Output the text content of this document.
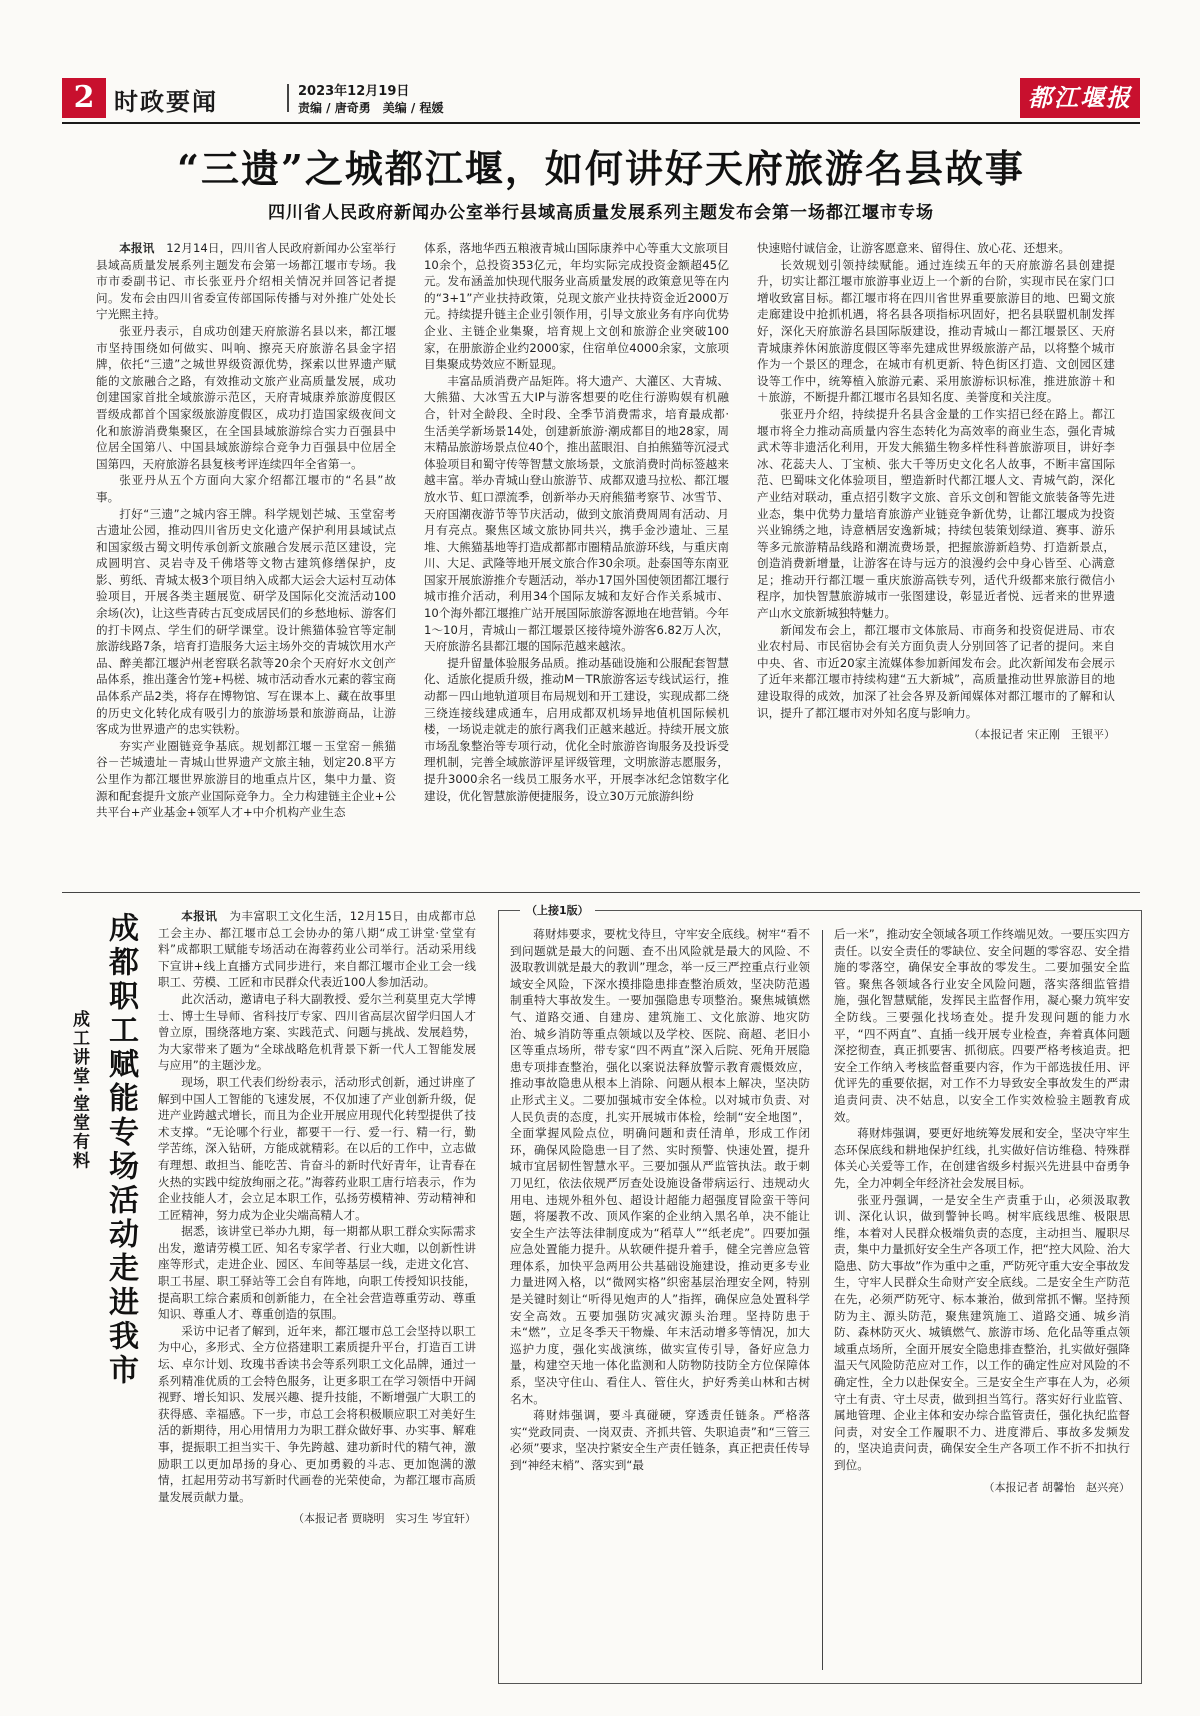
2 时政要闻	2023年12月19日
责编 / 唐奇勇　美编 / 程媛	都江堰报
“三遗”之城都江堰，如何讲好天府旅游名县故事
四川省人民政府新闻办公室举行县域高质量发展系列主题发布会第一场都江堰市专场

本报讯　 12月14日，四川省人民政府新闻办公室举行县域高质量发展系列主题发布会第一场都江堰市专场。我市市委副书记、市长张亚丹介绍相关情况并回答记者提问。发布会由四川省委宣传部国际传播与对外推广处处长宁光熙主持。

张亚丹表示，自成功创建天府旅游名县以来，都江堰市坚持围绕如何做实、叫响、擦亮天府旅游名县金字招牌，依托“三遗”之城世界级资源优势，探索以世界遗产赋能的文旅融合之路，有效推动文旅产业高质量发展，成功创建国家首批全域旅游示范区，天府青城康养旅游度假区晋级成都首个国家级旅游度假区，成功打造国家级夜间文化和旅游消费集聚区，在全国县域旅游综合实力百强县中位居全国第八、中国县域旅游综合竞争力百强县中位居全国第四，天府旅游名县复核考评连续四年全省第一。

张亚丹从五个方面向大家介绍都江堰市的“名县”故事。

打好“三遗”之城内容王牌。科学规划芒城、玉堂窑考古遗址公园，推动四川省历史文化遗产保护利用县域试点和国家级古蜀文明传承创新文旅融合发展示范区建设，完成圆明宫、灵岩寺及千佛塔等文物古建筑修缮保护，皮影、剪纸、青城太极3个项目纳入成都大运会大运村互动体验项目，开展各类主题展览、研学及国际化交流活动100余场(次)，让这些青砖古瓦变成居民们的乡愁地标、游客们的打卡网点、学生们的研学课堂。设计熊猫体验官等定制旅游线路7条，培育打造服务大运主场外交的青城饮用水产品、醉美都江堰泸州老窖联名款等20余个天府好水文创产品体系，推出蓬舍竹笼+杩槎、城市活动香水元素的蓉宝商品体系产品2类，将存在博物馆、写在课本上、藏在故事里的历史文化转化成有吸引力的旅游场景和旅游商品，让游客成为世界遗产的忠实铁粉。

夯实产业圈链竞争基底。规划都江堰－玉堂窑－熊猫谷－芒城遗址－青城山世界遗产文旅主轴，划定20.8平方公里作为都江堰世界旅游目的地重点片区，集中力量、资源和配套提升文旅产业国际竞争力。全力构建链主企业+公共平台+产业基金+领军人才+中介机构产业生态

体系，落地华西五粮液青城山国际康养中心等重大文旅项目10余个，总投资353亿元，年均实际完成投资金额超45亿元。发布涵盖加快现代服务业高质量发展的政策意见等在内的“3+1”产业扶持政策，兑现文旅产业扶持资金近2000万元。持续提升链主企业引领作用，引导文旅业务有序向优势企业、主链企业集聚，培育规上文创和旅游企业突破100家，在册旅游企业约2000家，住宿单位4000余家，文旅项目集聚成势效应不断显现。

丰富品质消费产品矩阵。将大遗产、大灌区、大青城、大熊猫、大冰雪五大IP与游客想要的吃住行游购娱有机融合，针对全龄段、全时段、全季节消费需求，培育最成都·生活美学新场景14处，创建新旅游·潮成都目的地28家，周末精品旅游场景点位40个，推出蓝眼泪、自拍熊猫等沉浸式体验项目和蜀守传等智慧文旅场景，文旅消费时尚标签越来越丰富。举办青城山登山旅游节、成都双遗马拉松、都江堰放水节、虹口漂流季，创新举办天府熊猫考察节、冰雪节、天府国潮夜游节等节庆活动，做到文旅消费周周有活动、月月有亮点。聚焦区域文旅协同共兴，携手金沙遗址、三星堆、大熊猫基地等打造成都都市圈精品旅游环线，与重庆南川、大足、武隆等地开展文旅合作30余项。赴泰国等东南亚国家开展旅游推介专题活动，举办17国外国使领团都江堰行城市推介活动，利用34个国际友城和友好合作关系城市、10个海外都江堰推广站开展国际旅游客源地在地营销。今年1～10月，青城山－都江堰景区接待境外游客6.82万人次，天府旅游名县都江堰的国际范越来越浓。

提升留量体验服务品质。推动基础设施和公服配套智慧化、适旅化提质升级，推动M－TR旅游客运专线试运行，推动都－四山地轨道项目布局规划和开工建设，实现成都二绕三绕连接线建成通车，启用成都双机场异地值机国际候机楼，一场说走就走的旅行离我们正越来越近。持续开展文旅市场乱象整治等专项行动，优化全时旅游咨询服务及投诉受理机制，完善全域旅游评星评级管理，文明旅游志愿服务，提升3000余名一线员工服务水平，开展李冰纪念馆数字化建设，优化智慧旅游便捷服务，设立30万元旅游纠纷

快速赔付诚信金，让游客愿意来、留得住、放心花、还想来。

长效规划引领持续赋能。通过连续五年的天府旅游名县创建提升，切实让都江堰市旅游事业迈上一个新的台阶，实现市民在家门口增收致富目标。都江堰市将在四川省世界重要旅游目的地、巴蜀文旅走廊建设中抢抓机遇，将名县各项指标巩固好，把名县联盟机制发挥好，深化天府旅游名县国际版建设，推动青城山－都江堰景区、天府青城康养休闲旅游度假区等率先建成世界级旅游产品，以将整个城市作为一个景区的理念，在城市有机更新、特色街区打造、文创园区建设等工作中，统筹植入旅游元素、采用旅游标识标准，推进旅游＋和＋旅游，不断提升都江堰市名县知名度、美誉度和关注度。

张亚丹介绍，持续提升名县含金量的工作实招已经在路上。都江堰市将全力推动高质量内容生态转化为高效率的商业生态，强化青城武术等非遗活化利用，开发大熊猫生物多样性科普旅游项目，讲好李冰、花蕊夫人、丁宝桢、张大千等历史文化名人故事，不断丰富国际范、巴蜀味文化体验项目，塑造新时代都江堰人文、青城气韵，深化产业结对联动，重点招引数字文旅、音乐文创和智能文旅装备等先进业态，集中优势力量培育旅游产业链竞争新优势，让都江堰成为投资兴业锦绣之地，诗意栖居安逸新城；持续包装策划绿道、赛事、游乐等多元旅游精品线路和潮流费场景，把握旅游新趋势、打造新景点，创造消费新增量，让游客在诗与远方的浪漫约会中身心皆至、心满意足；推动开行都江堰－重庆旅游高铁专列，适代升级都来旅行微信小程序，加快智慧旅游城市一张图建设，彰显近者悦、远者来的世界遗产山水文旅新城独特魅力。

新闻发布会上，都江堰市文体旅局、市商务和投资促进局、市农业农村局、市民宿协会有关方面负责人分别回答了记者的提问。来自中央、省、市近20家主流媒体参加新闻发布会。此次新闻发布会展示了近年来都江堰市持续构建“五大新城”，高质量推动世界旅游目的地建设取得的成效，加深了社会各界及新闻媒体对都江堰市的了解和认识，提升了都江堰市对外知名度与影响力。

（本报记者 宋正刚　王银平）
成都职工赋能专场活动走进我市
成工讲堂·堂堂有料

本报讯　 为丰富职工文化生活，12月15日，由成都市总工会主办、都江堰市总工会协办的第八期“成工讲堂·堂堂有料”成都职工赋能专场活动在海蓉药业公司举行。活动采用线下宣讲+线上直播方式同步进行，来自都江堰市企业工会一线职工、劳模、工匠和市民群众代表近100人参加活动。

此次活动，邀请电子科大副教授、爱尔兰利莫里克大学博士、博士生导师、省科技厅专家、四川省高层次留学归国人才曾立原，围绕落地方案、实践范式、问题与挑战、发展趋势，为大家带来了题为“全球战略危机背景下新一代人工智能发展与应用”的主题沙龙。

现场，职工代表们纷纷表示，活动形式创新，通过讲座了解到中国人工智能的飞速发展，不仅加速了产业创新升级，促进产业跨越式增长，而且为企业开展应用现代化转型提供了技术支撑。“无论哪个行业，都要干一行、爱一行、精一行，勤学苦练，深入钻研，方能成就精彩。在以后的工作中，立志做有理想、敢担当、能吃苦、肯奋斗的新时代好青年，让青春在火热的实践中绽放绚丽之花。”海蓉药业职工唐行培表示，作为企业技能人才，会立足本职工作，弘扬劳模精神、劳动精神和工匠精神，努力成为企业尖端高精人才。

据悉，该讲堂已举办九期，每一期都从职工群众实际需求出发，邀请劳模工匠、知名专家学者、行业大咖，以创新性讲座等形式，走进企业、园区、车间等基层一线，走进文化宫、职工书屋、职工驿站等工会自有阵地，向职工传授知识技能，提高职工综合素质和创新能力，在全社会营造尊重劳动、尊重知识、尊重人才、尊重创造的氛围。

采访中记者了解到，近年来，都江堰市总工会坚持以职工为中心，多形式、全方位搭建职工素质提升平台，打造百工讲坛、卓尔计划、玫瑰书香读书会等系列职工文化品牌，通过一系列精准优质的工会特色服务，让更多职工在学习领悟中开阔视野、增长知识、发展兴趣、提升技能，不断增强广大职工的获得感、幸福感。下一步，市总工会将积极顺应职工对美好生活的新期待，用心用情用力为职工群众做好事、办实事、解难事，提振职工担当实干、争先跨越、建功新时代的精气神，激励职工以更加昂扬的身心、更加勇毅的斗志、更加饱满的激情，扛起用劳动书写新时代画卷的光荣使命，为都江堰市高质量发展贡献力量。

（本报记者 贾晓明　实习生 岑宜轩）
（上接1版）

蒋财炜要求，要枕戈待旦，守牢安全底线。树牢“看不到问题就是最大的问题、查不出风险就是最大的风险、不汲取教训就是最大的教训”理念，举一反三严控重点行业领域安全风险，下深水摸排隐患排查整治质效，坚决防范遏制重特大事故发生。一要加强隐患专项整治。聚焦城镇燃气、道路交通、自建房、建筑施工、文化旅游、地灾防治、城乡消防等重点领域以及学校、医院、商超、老旧小区等重点场所，带专家“四不两直”深入后院、死角开展隐患专项排查整治，强化以案说法释放警示教育震慑效应，推动事故隐患从根本上消除、问题从根本上解决，坚决防止形式主义。二要加强城市安全体检。以对城市负责、对人民负责的态度，扎实开展城市体检，绘制“安全地图”，全面掌握风险点位，明确问题和责任清单，形成工作闭环，确保风险隐患一目了然、实时预警、快速处置，提升城市宜居韧性智慧水平。三要加强从严监管执法。敢于刺刀见红，依法依规严厉查处设施设备带病运行、违规动火用电、违规外租外包、超设计超能力超强度冒险蛮干等问题，将屡教不改、顶风作案的企业纳入黑名单，决不能让安全生产法等法律制度成为“稻草人”“纸老虎”。四要加强应急处置能力提升。从软硬件提升着手，健全完善应急管理体系，加快平急两用公共基础设施建设，推动更多专业力量进网入格，以“微网实格”织密基层治理安全网，特别是关键时刻让“听得见炮声的人”指挥，确保应急处置科学安全高效。五要加强防灾减灾源头治理。坚持防患于未“燃”，立足冬季天干物燥、年末活动增多等情况，加大巡护力度，强化实战演练，做实宣传引导，备好应急力量，构建空天地一体化监测和人防物防技防全方位保障体系，坚决守住山、看住人、管住火，护好秀美山林和古树名木。

蒋财炜强调，要斗真碰硬，穿透责任链条。严格落实“党政同责、一岗双责、齐抓共管、失职追责”和“三管三必须”要求，坚决拧紧安全生产责任链条，真正把责任传导到“神经末梢”、落实到“最

后一米”，推动安全领域各项工作终端见效。一要压实四方责任。以安全责任的零缺位、安全问题的零容忍、安全措施的零落空，确保安全事故的零发生。二要加强安全监管。聚焦各领域各行业安全风险问题，落实落细监管措施，强化智慧赋能，发挥民主监督作用，凝心聚力筑牢安全防线。三要强化找场查处。提升发现问题的能力水平，“四不两直”、直插一线开展专业检查，奔着真体问题深挖彻查，真正抓要害、抓彻底。四要严格考核追责。把安全工作纳入考核监督重要内容，作为干部选拔任用、评优评先的重要依据，对工作不力导致安全事故发生的严肃追责问责、决不姑息，以安全工作实效检验主题教育成效。

蒋财炜强调，要更好地统筹发展和安全，坚决守牢生态环保底线和耕地保护红线，扎实做好信访维稳、特殊群体关心关爱等工作，在创建省级乡村振兴先进县中奋勇争先，全力冲刺全年经济社会发展目标。

张亚丹强调，一是安全生产责重于山，必须汲取教训、深化认识，做到警钟长鸣。树牢底线思维、极限思维，本着对人民群众极端负责的态度，主动担当、履职尽责，集中力量抓好安全生产各项工作，把“控大风险、治大隐患、防大事故”作为重中之重，严防死守重大安全事故发生，守牢人民群众生命财产安全底线。二是安全生产防范在先，必须严防死守、标本兼治，做到常抓不懈。坚持预防为主、源头防范，聚焦建筑施工、道路交通、城乡消防、森林防灭火、城镇燃气、旅游市场、危化品等重点领域重点场所，全面开展安全隐患排查整治，扎实做好强降温天气风险防范应对工作，以工作的确定性应对风险的不确定性，全力以赴保安全。三是安全生产事在人为，必须守土有责、守土尽责，做到担当笃行。落实好行业监管、属地管理、企业主体和安办综合监管责任，强化执纪监督问责，对安全工作履职不力、进度滞后、事故多发频发的，坚决追责问责，确保安全生产各项工作不折不扣执行到位。

（本报记者 胡馨怡　赵兴亮）
